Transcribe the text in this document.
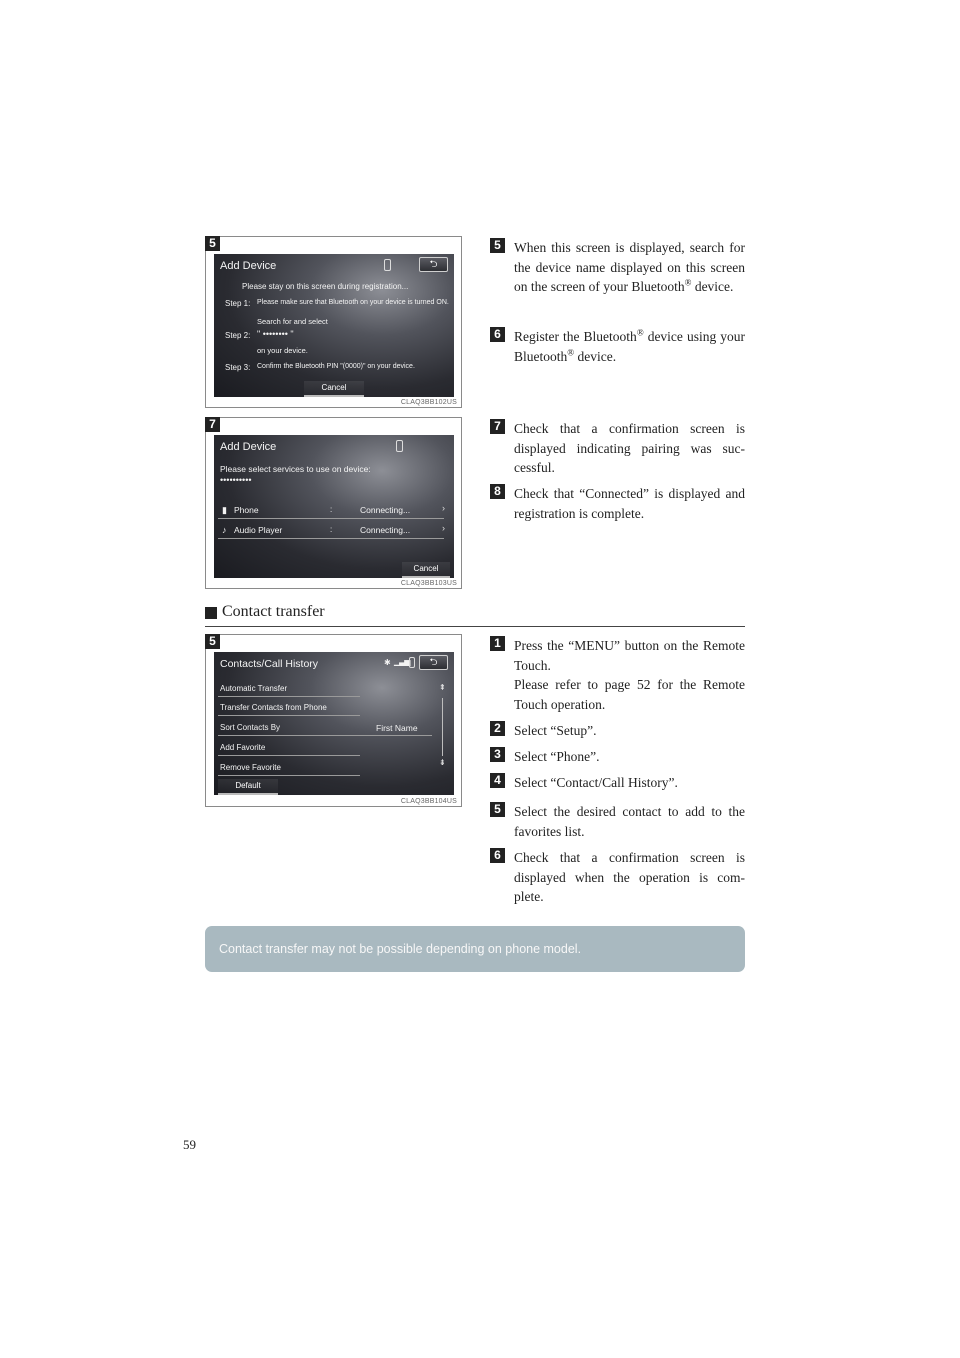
5
Add Device	⮌
Please stay on this screen during registration...
Step 1: Please make sure that Bluetooth on your device is turned ON.
Search for and select
Step 2: " •••••••• "
on your device.
Step 3: Confirm the Bluetooth PIN "(0000)" on your device.
Cancel
CLAQ3BB102US
7
Add Device
Please select services to use on device:
••••••••••
▮ Phone	:	Connecting...	›
♪ Audio Player	:	Connecting...	›
Cancel
CLAQ3BB103US
5 When this screen is displayed, search for the device name displayed on this screen on the screen of your Bluetooth® device.
6 Register the Bluetooth® device using your Bluetooth® device.
7 Check that a confirmation screen is displayed indicating pairing was suc-cessful.
8 Check that “Connected” is displayed and registration is complete.
Contact transfer
5
Contacts/Call History	✱ ▁▃▅	⮌
Automatic Transfer
Transfer Contacts from Phone
Sort Contacts By	First Name
Add Favorite
Remove Favorite
Default
⇞
⇟
CLAQ3BB104US
1 Press the “MENU” button on the Remote Touch.
Please refer to page 52 for the Remote Touch operation.
2 Select “Setup”.
3 Select “Phone”.
4 Select “Contact/Call History”.
5 Select the desired contact to add to the favorites list.
6 Check that a confirmation screen is displayed when the operation is com-plete.
Contact transfer may not be possible depending on phone model.
59
